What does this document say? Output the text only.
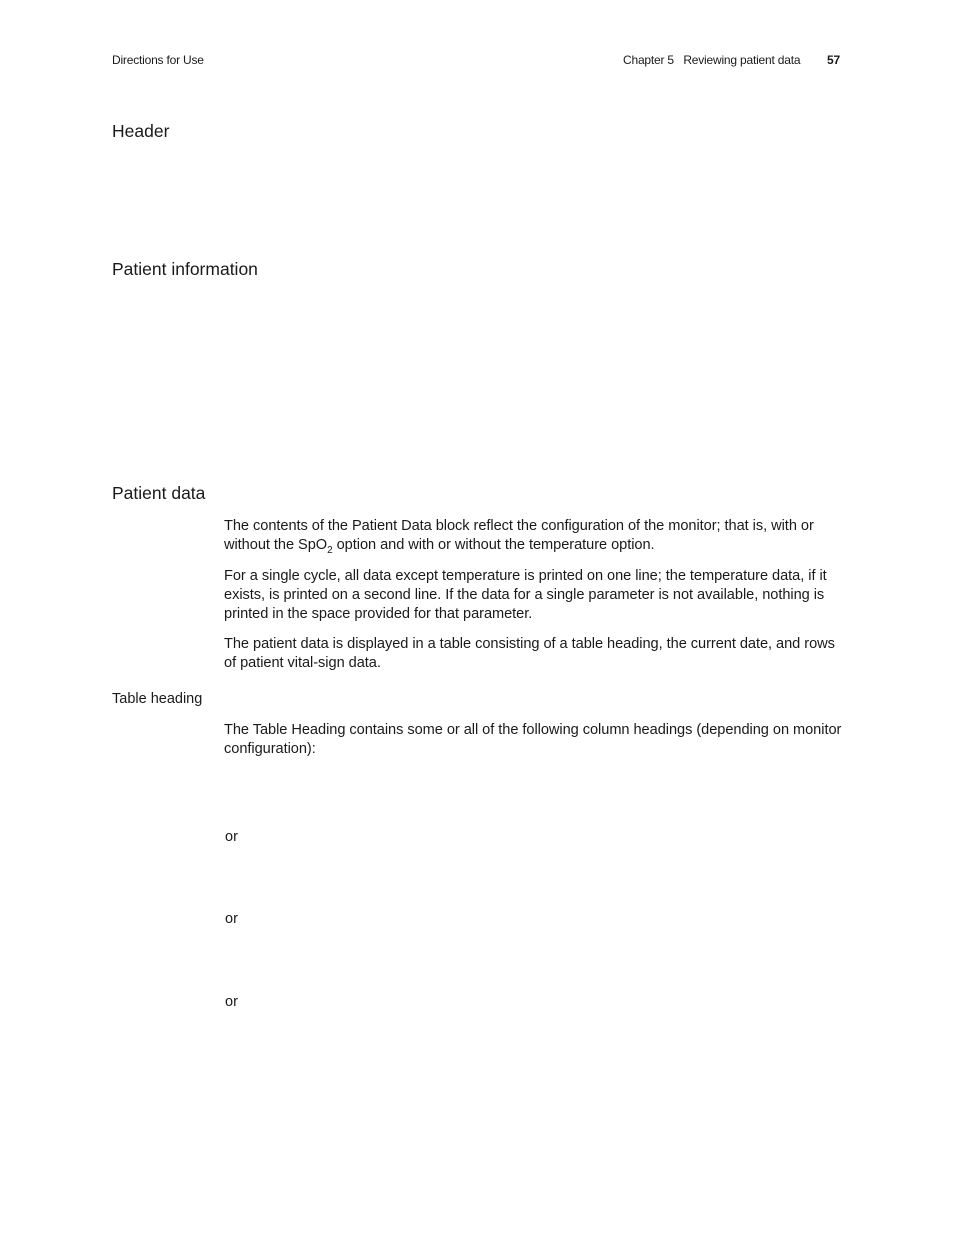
Directions for Use	Chapter 5 Reviewing patient data 57
Header
Patient information
Patient data

The contents of the Patient Data block reflect the configuration of the monitor; that is, with or without the SpO$_2$ option and with or without the temperature option.

For a single cycle, all data except temperature is printed on one line; the temperature data, if it exists, is printed on a second line. If the data for a single parameter is not available, nothing is printed in the space provided for that parameter.

The patient data is displayed in a table consisting of a table heading, the current date, and rows of patient vital-sign data.

Table heading

The Table Heading contains some or all of the following column headings (depending on monitor configuration):

or
or
or
